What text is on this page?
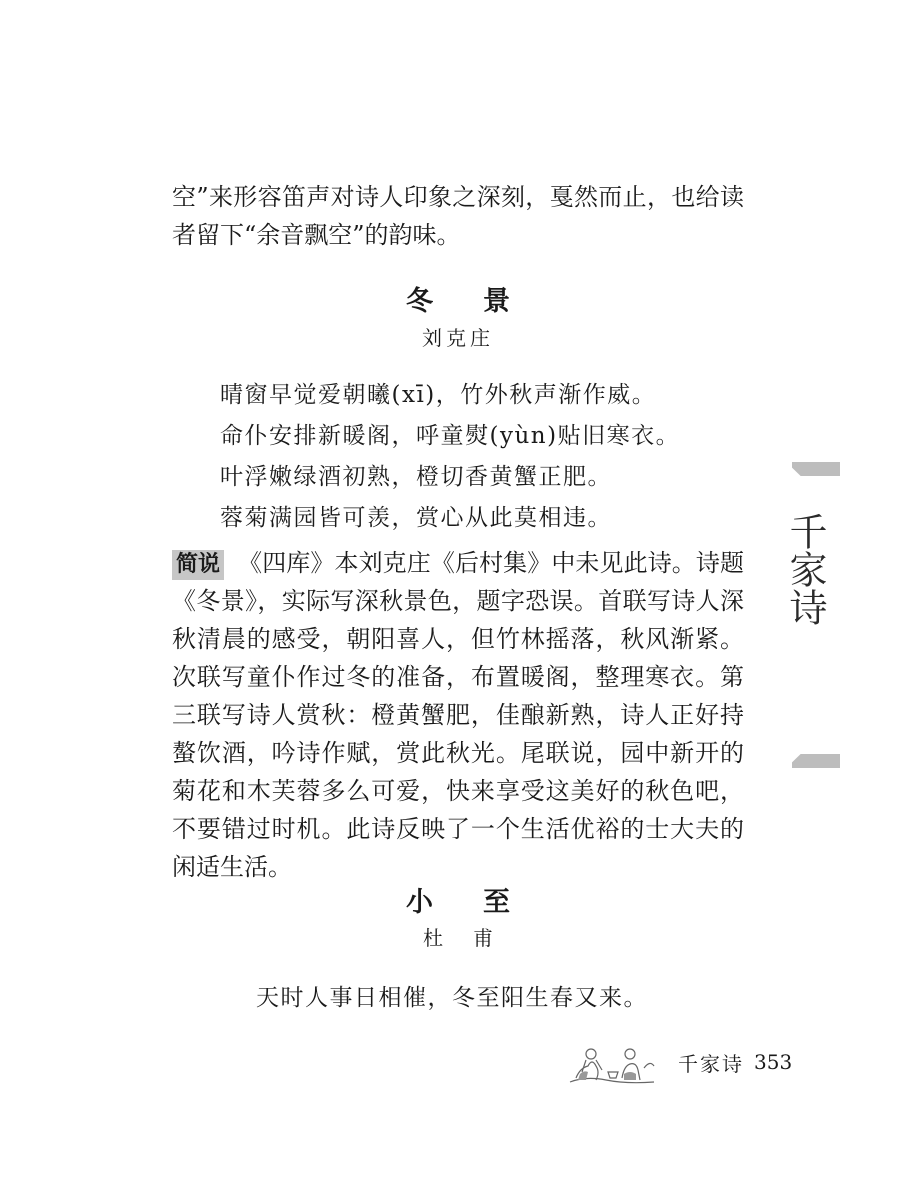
空”来形容笛声对诗人印象之深刻，戛然而止，也给读者留下“余音飘空”的韵味。

冬景

刘克庄

晴窗早觉爱朝曦(xī)，竹外秋声渐作威。
命仆安排新暖阁，呼童熨(yùn)贴旧寒衣。
叶浮嫩绿酒初熟，橙切香黄蟹正肥。
蓉菊满园皆可羡，赏心从此莫相违。

简说 《四库》本刘克庄《后村集》中未见此诗。诗题《冬景》，实际写深秋景色，题字恐误。首联写诗人深秋清晨的感受，朝阳喜人，但竹林摇落，秋风渐紧。次联写童仆作过冬的准备，布置暖阁，整理寒衣。第三联写诗人赏秋：橙黄蟹肥，佳酿新熟，诗人正好持螯饮酒，吟诗作赋，赏此秋光。尾联说，园中新开的菊花和木芙蓉多么可爱，快来享受这美好的秋色吧，不要错过时机。此诗反映了一个生活优裕的士大夫的闲适生活。

小至

杜甫

天时人事日相催，冬至阳生春又来。
千家诗
千家诗 353
